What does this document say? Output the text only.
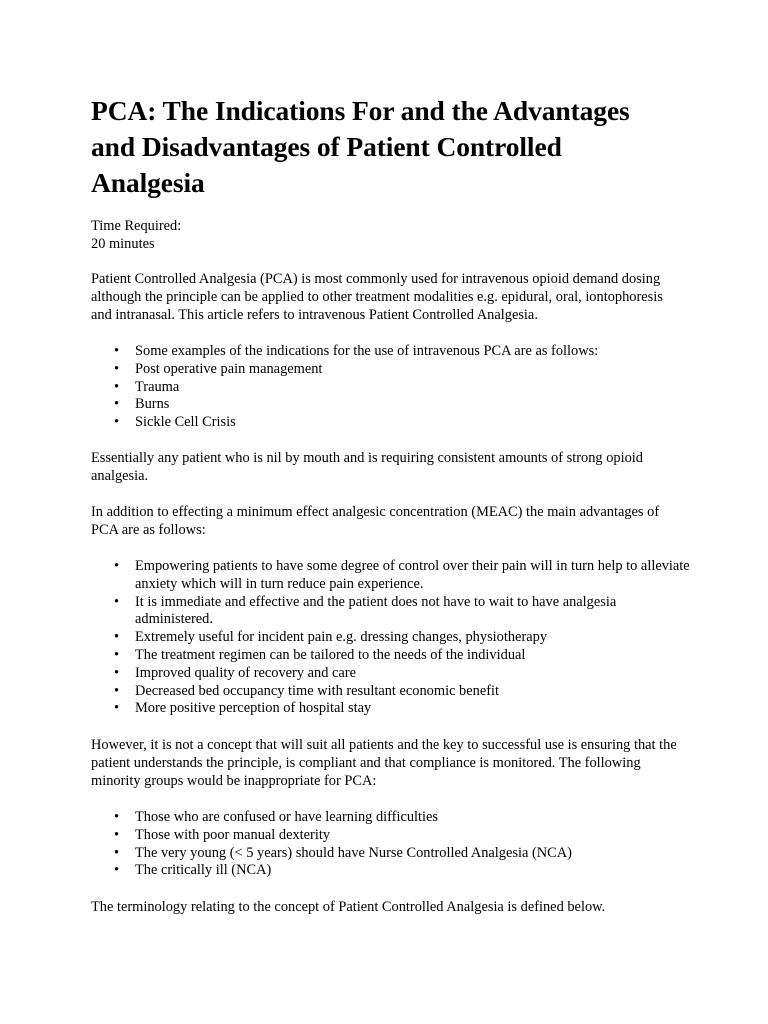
PCA: The Indications For and the Advantages and Disadvantages of Patient Controlled Analgesia
Time Required:
20 minutes

Patient Controlled Analgesia (PCA) is most commonly used for intravenous opioid demand dosing although the principle can be applied to other treatment modalities e.g. epidural, oral, iontophoresis and intranasal. This article refers to intravenous Patient Controlled Analgesia.

• Some examples of the indications for the use of intravenous PCA are as follows:
• Post operative pain management
• Trauma
• Burns
• Sickle Cell Crisis

Essentially any patient who is nil by mouth and is requiring consistent amounts of strong opioid analgesia.

In addition to effecting a minimum effect analgesic concentration (MEAC) the main advantages of PCA are as follows:

• Empowering patients to have some degree of control over their pain will in turn help to alleviate anxiety which will in turn reduce pain experience.
• It is immediate and effective and the patient does not have to wait to have analgesia administered.
• Extremely useful for incident pain e.g. dressing changes, physiotherapy
• The treatment regimen can be tailored to the needs of the individual
• Improved quality of recovery and care
• Decreased bed occupancy time with resultant economic benefit
• More positive perception of hospital stay

However, it is not a concept that will suit all patients and the key to successful use is ensuring that the patient understands the principle, is compliant and that compliance is monitored. The following minority groups would be inappropriate for PCA:

• Those who are confused or have learning difficulties
• Those with poor manual dexterity
• The very young (< 5 years) should have Nurse Controlled Analgesia (NCA)
• The critically ill (NCA)

The terminology relating to the concept of Patient Controlled Analgesia is defined below.
